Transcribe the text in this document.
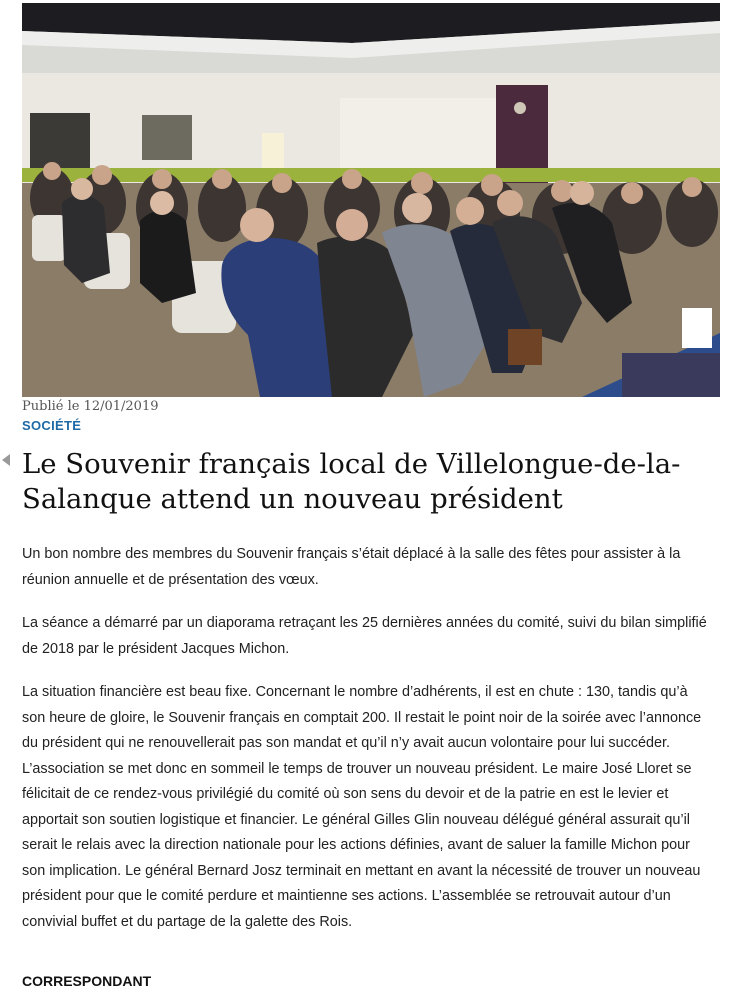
Publié le 12/01/2019
SOCIÉTÉ
Le Souvenir français local de Villelongue-de-la-Salanque attend un nouveau président

Un bon nombre des membres du Souvenir français s’était déplacé à la salle des fêtes pour assister à la réunion annuelle et de présentation des vœux.

La séance a démarré par un diaporama retraçant les 25 dernières années du comité, suivi du bilan simplifié de 2018 par le président Jacques Michon.

La situation financière est beau fixe. Concernant le nombre d’adhérents, il est en chute : 130, tandis qu’à son heure de gloire, le Souvenir français en comptait 200. Il restait le point noir de la soirée avec l’annonce du président qui ne renouvellerait pas son mandat et qu’il n’y avait aucun volontaire pour lui succéder. L’association se met donc en sommeil le temps de trouver un nouveau président. Le maire José Lloret se félicitait de ce rendez-vous privilégié du comité où son sens du devoir et de la patrie en est le levier et apportait son soutien logistique et financier. Le général Gilles Glin nouveau délégué général assurait qu’il serait le relais avec la direction nationale pour les actions définies, avant de saluer la famille Michon pour son implication. Le général Bernard Josz terminait en mettant en avant la nécessité de trouver un nouveau président pour que le comité perdure et maintienne ses actions. L’assemblée se retrouvait autour d’un convivial buffet et du partage de la galette des Rois.

CORRESPONDANT
